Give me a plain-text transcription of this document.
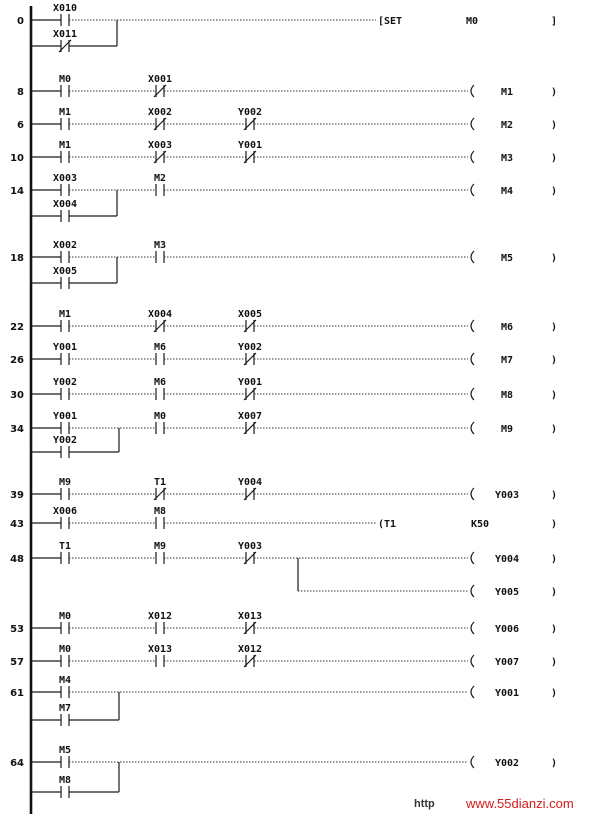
0
X010
X011
[SET	M0	]
8
M0	X001
M1	)
6
M1	X002	Y002
M2	)
10
M1	X003	Y001
M3	)
14
X003	M2
X004
M4	)
18
X002	M3
X005
M5	)
22
M1	X004	X005
M6	)
26
Y001	M6	Y002
M7	)
30
Y002	M6	Y001
M8	)
34
Y001	M0	X007
Y002
M9	)
39
M9	T1	Y004
Y003	)
43
X006	M8
(T1	K50	)
48
T1	M9	Y003
Y004	)
Y005	)
53
M0	X012	X013
Y006	)
57
M0	X013	X012
Y007	)
61
M4
M7
Y001	)
64
M5
M8
Y002	)
http www.55dianzi.com
